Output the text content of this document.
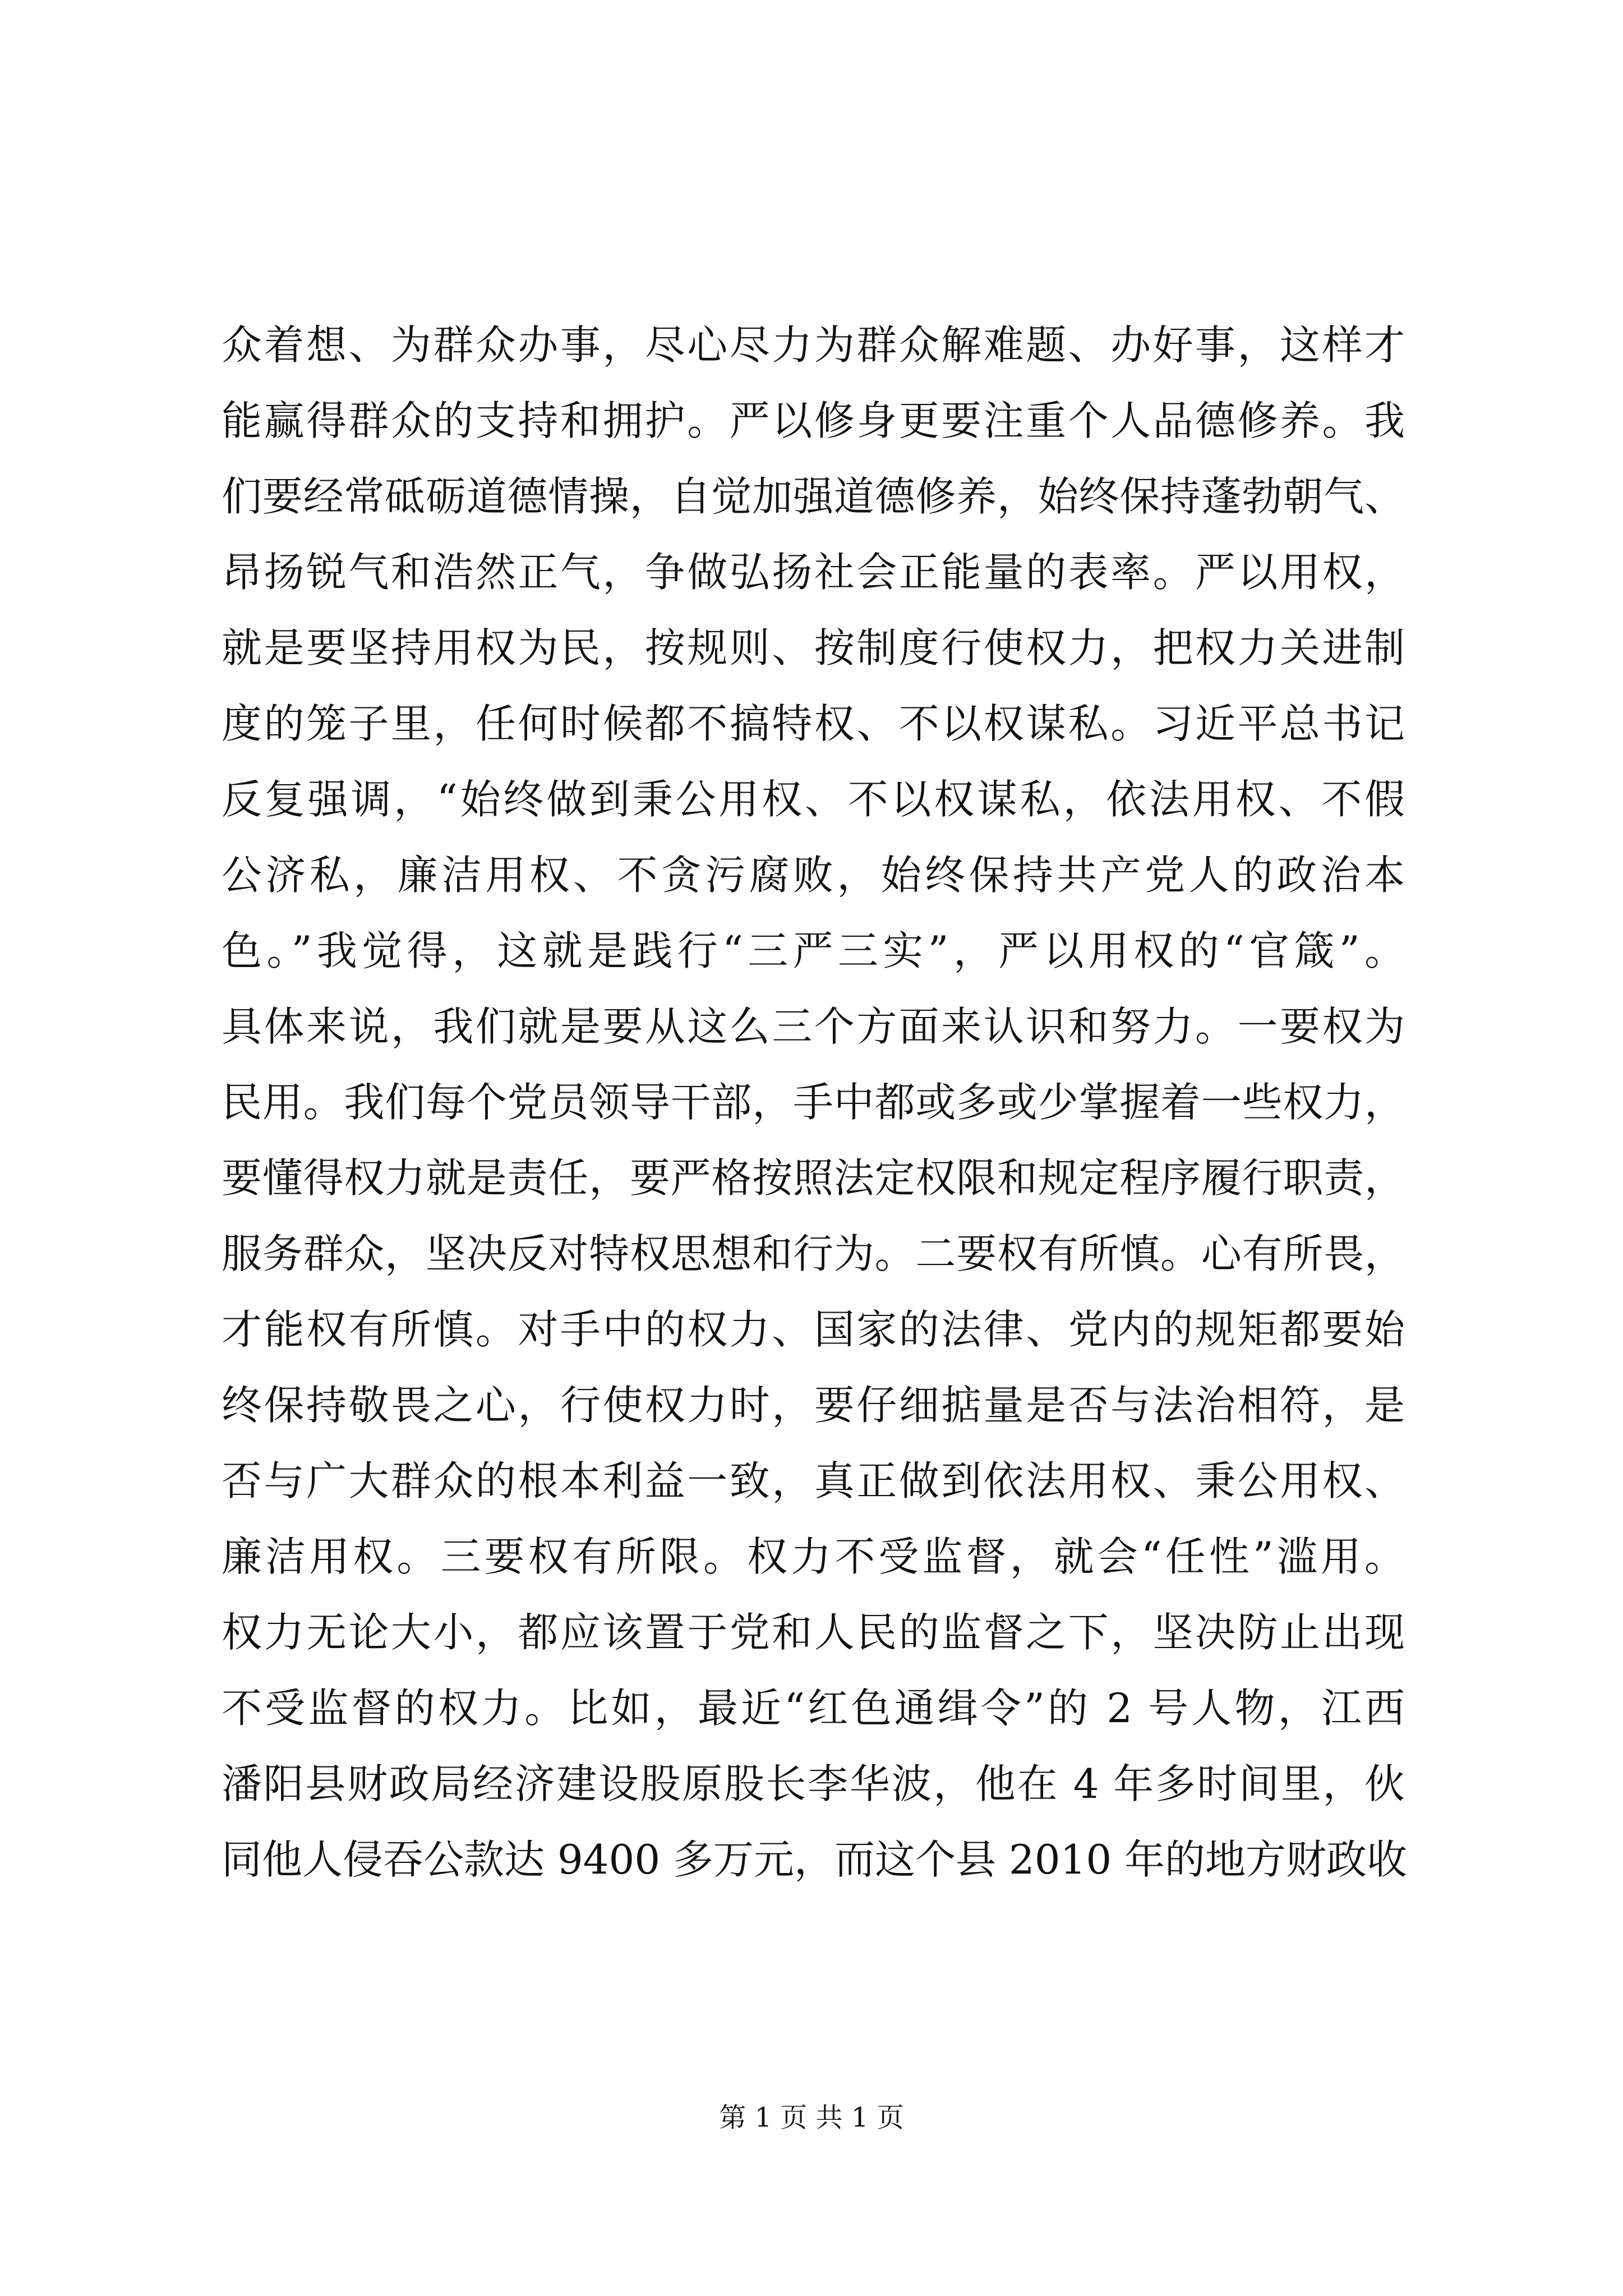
众着想、为群众办事，尽心尽力为群众解难题、办好事，这样才
能赢得群众的支持和拥护。严以修身更要注重个人品德修养。我
们要经常砥砺道德情操，自觉加强道德修养，始终保持蓬勃朝气、
昂扬锐气和浩然正气，争做弘扬社会正能量的表率。严以用权，
就是要坚持用权为民，按规则、按制度行使权力，把权力关进制
度的笼子里，任何时候都不搞特权、不以权谋私。习近平总书记
反复强调，“始终做到秉公用权、不以权谋私，依法用权、不假
公济私，廉洁用权、不贪污腐败，始终保持共产党人的政治本
色。”我觉得，这就是践行“三严三实”，严以用权的“官箴”。
具体来说，我们就是要从这么三个方面来认识和努力。一要权为
民用。我们每个党员领导干部，手中都或多或少掌握着一些权力，
要懂得权力就是责任，要严格按照法定权限和规定程序履行职责，
服务群众，坚决反对特权思想和行为。二要权有所慎。心有所畏，
才能权有所慎。对手中的权力、国家的法律、党内的规矩都要始
终保持敬畏之心，行使权力时，要仔细掂量是否与法治相符，是
否与广大群众的根本利益一致，真正做到依法用权、秉公用权、
廉洁用权。三要权有所限。权力不受监督，就会“任性”滥用。
权力无论大小，都应该置于党和人民的监督之下，坚决防止出现
不受监督的权力。比如，最近“红色通缉令”的 2 号人物，江西
潘阳县财政局经济建设股原股长李华波，他在 4 年多时间里，伙
同他人侵吞公款达 9400 多万元，而这个县 2010 年的地方财政收
第 1 页 共 1 页
